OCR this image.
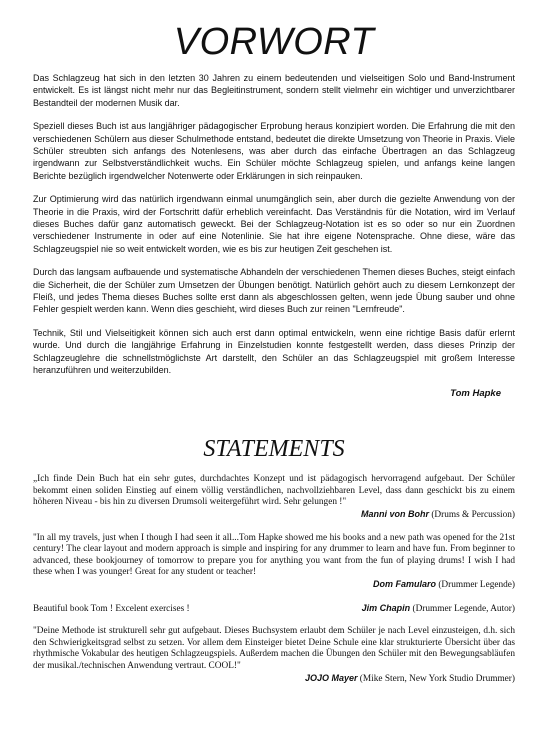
VORWORT

Das Schlagzeug hat sich in den letzten 30 Jahren zu einem bedeutenden und vielseitigen Solo und Band-Instrument entwickelt. Es ist längst nicht mehr nur das Begleitinstrument, sondern stellt vielmehr ein wichtiger und unverzichtbarer Bestandteil der modernen Musik dar.

Speziell dieses Buch ist aus langjähriger pädagogischer Erprobung heraus konzipiert worden. Die Erfahrung die mit den verschiedenen Schülern aus dieser Schulmethode entstand, bedeutet die direkte Umsetzung von Theorie in Praxis. Viele Schüler streubten sich anfangs des Notenlesens, was aber durch das einfache Übertragen an das Schlagzeug irgendwann zur Selbstverständlichkeit wuchs. Ein Schüler möchte Schlagzeug spielen, und anfangs keine langen Berichte bezüglich irgendwelcher Notenwerte oder Erklärungen in sich reinpauken.

Zur Optimierung wird das natürlich irgendwann einmal unumgänglich sein, aber durch die gezielte Anwendung von der Theorie in die Praxis, wird der Fortschritt dafür erheblich vereinfacht. Das Verständnis für die Notation, wird im Verlauf dieses Buches dafür ganz automatisch geweckt. Bei der Schlagzeug-Notation ist es so oder so nur ein Zuordnen verschiedener Instrumente in oder auf eine Notenlinie. Sie hat ihre eigene Notensprache. Ohne diese, wäre das Schlagzeugspiel nie so weit entwickelt worden, wie es bis zur heutigen Zeit geschehen ist.

Durch das langsam aufbauende und systematische Abhandeln der verschiedenen Themen dieses Buches, steigt einfach die Sicherheit, die der Schüler zum Umsetzen der Übungen benötigt. Natürlich gehört auch zu diesem Lernkonzept der Fleiß, und jedes Thema dieses Buches sollte erst dann als abgeschlossen gelten, wenn jede Übung sauber und ohne Fehler gespielt werden kann. Wenn dies geschieht, wird dieses Buch zur reinen "Lernfreude".

Technik, Stil und Vielseitigkeit können sich auch erst dann optimal entwickeln, wenn eine richtige Basis dafür erlernt wurde. Und durch die langjährige Erfahrung in Einzelstudien konnte festgestellt werden, dass dieses Prinzip der Schlagzeuglehre die schnellstmöglichste Art darstellt, den Schüler an das Schlagzeugspiel mit großem Interesse heranzuführen und weiterzubilden.

Tom Hapke
STATEMENTS

„Ich finde Dein Buch hat ein sehr gutes, durchdachtes Konzept und ist pädagogisch hervorragend aufgebaut. Der Schüler bekommt einen soliden Einstieg auf einem völlig verständlichen, nachvollziehbaren Level, dass dann geschickt bis zu einem höheren Niveau - bis hin zu diversen Drumsoli weitergeführt wird. Sehr gelungen !"

Manni von Bohr (Drums & Percussion)

"In all my travels, just when I though I had seen it all...Tom Hapke showed me his books and a new path was opened for the 21st century! The clear layout and modern approach is simple and inspiring for any drummer to learn and have fun. From beginner to advanced, these bookjourney of tomorrow to prepare you for anything you want from the fun of playing drums! I wish I had these when I was younger! Great for any student or teacher!

Dom Famularo (Drummer Legende)
Beautiful book Tom ! Excelent exercises !	Jim Chapin (Drummer Legende, Autor)

"Deine Methode ist strukturell sehr gut aufgebaut. Dieses Buchsystem erlaubt dem Schüler je nach Level einzusteigen, d.h. sich den Schwierigkeitsgrad selbst zu setzen. Vor allem dem Einsteiger bietet Deine Schule eine klar strukturierte Übersicht über das rhythmische Vokabular des heutigen Schlagzeugspiels. Außerdem machen die Übungen den Schüler mit den Bewegungsabläufen der musikal./technischen Anwendung vertraut. COOL!"

JOJO Mayer (Mike Stern, New York Studio Drummer)
